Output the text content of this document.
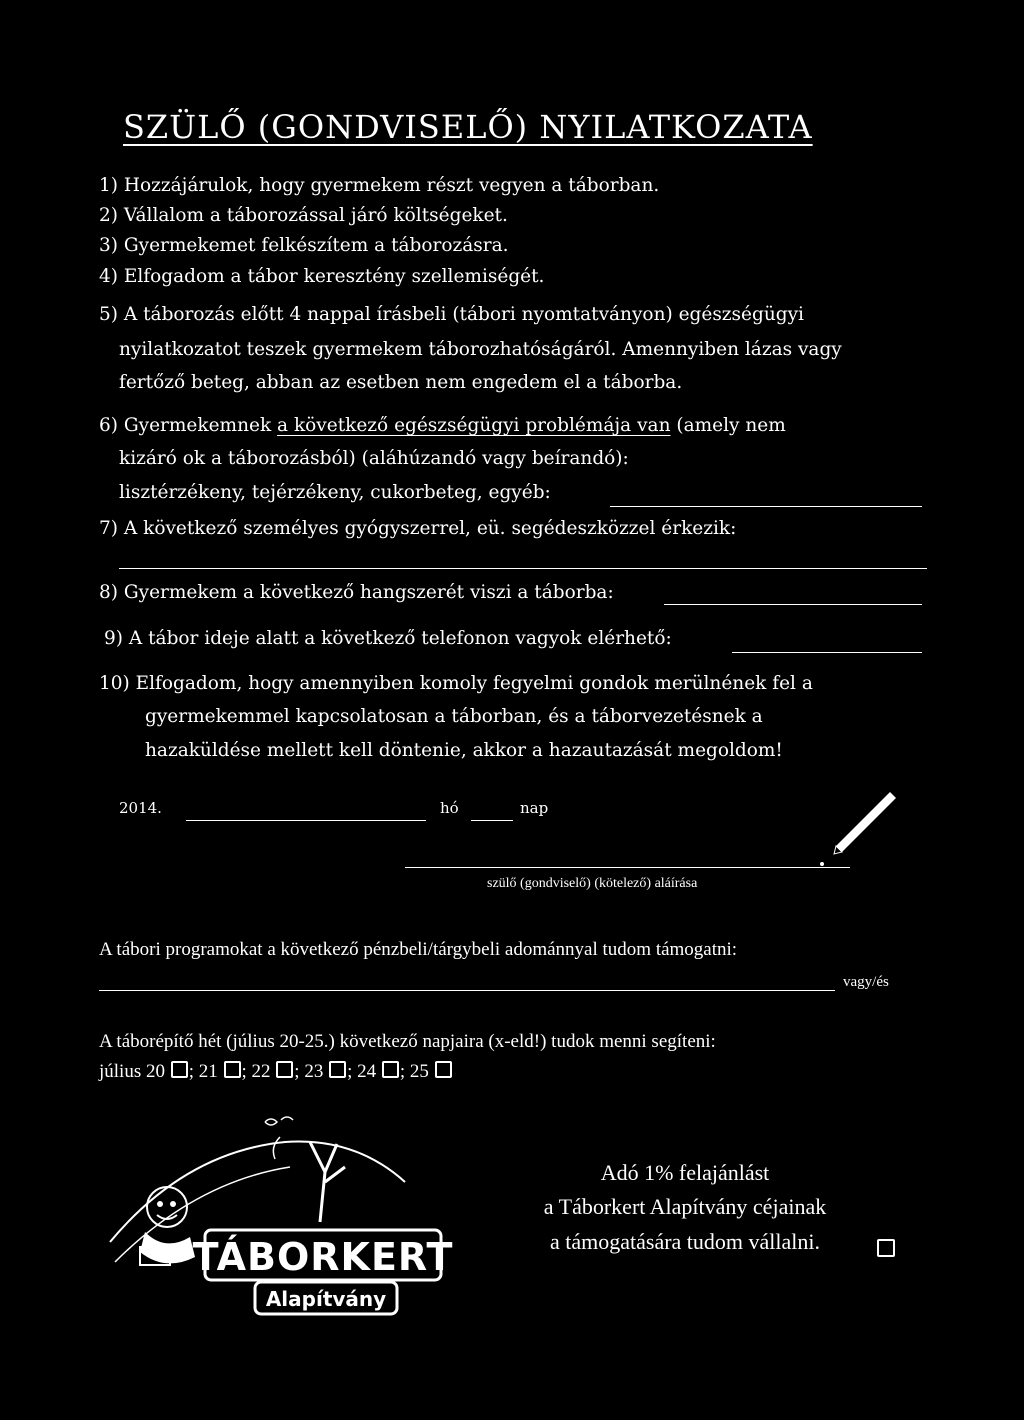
SZÜLŐ (GONDVISELŐ) NYILATKOZATA
1) Hozzájárulok, hogy gyermekem részt vegyen a táborban.
2) Vállalom a táborozással járó költségeket.
3) Gyermekemet felkészítem a táborozásra.
4) Elfogadom a tábor keresztény szellemiségét.
5) A táborozás előtt 4 nappal írásbeli (tábori nyomtatványon) egészségügyi
nyilatkozatot teszek gyermekem táborozhatóságáról. Amennyiben lázas vagy
fertőző beteg, abban az esetben nem engedem el a táborba.
6) Gyermekemnek a következő egészségügyi problémája van (amely nem
kizáró ok a táborozásból) (aláhúzandó vagy beírandó):
lisztérzékeny, tejérzékeny, cukorbeteg, egyéb:
7) A következő személyes gyógyszerrel, eü. segédeszközzel érkezik:
8) Gyermekem a következő hangszerét viszi a táborba:
9) A tábor ideje alatt a következő telefonon vagyok elérhető:
10) Elfogadom, hogy amennyiben komoly fegyelmi gondok merülnének fel a
gyermekemmel kapcsolatosan a táborban, és a táborvezetésnek a
hazaküldése mellett kell döntenie, akkor a hazautazását megoldom!
2014.	hó	nap
szülő (gondviselő) (kötelező) aláírása
A tábori programokat a következő pénzbeli/tárgybeli adománnyal tudom támogatni:
vagy/és
A táborépítő hét (július 20-25.) következő napjaira (x-eld!) tudok menni segíteni:
július 20 ; 21 ; 22 ; 23 ; 24 ; 25
TÁBORKERT
Alapítvány
Adó 1% felajánlást
a Táborkert Alapítvány céjainak
a támogatására tudom vállalni.
